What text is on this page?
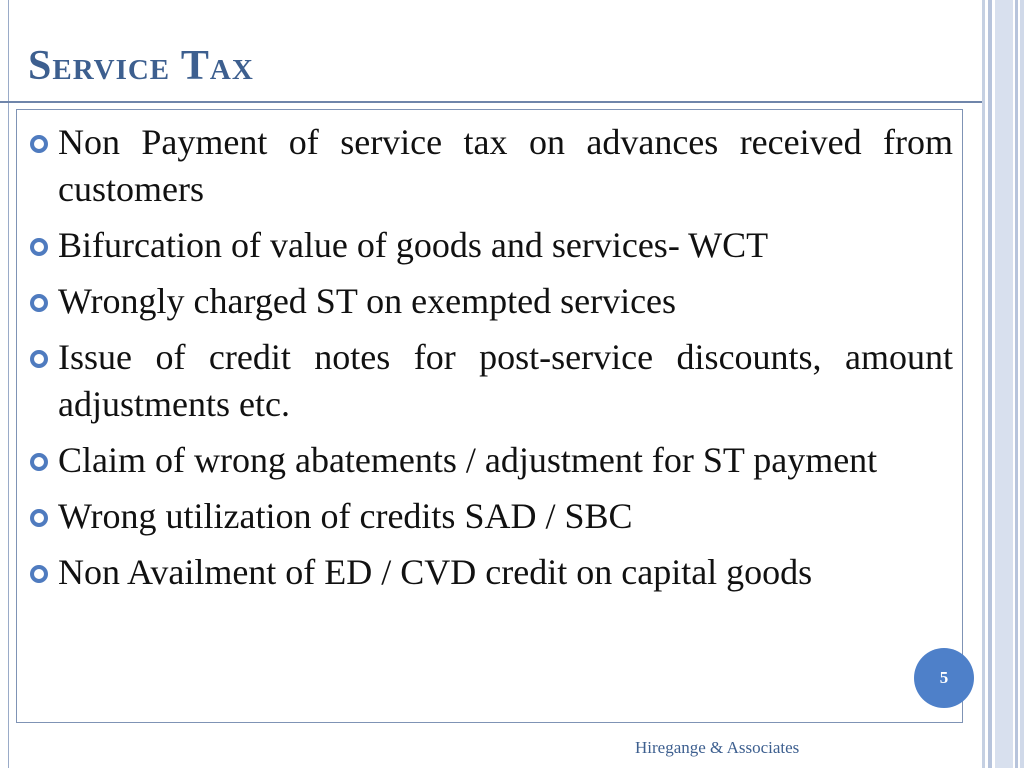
Service Tax
Non Payment of service tax on advances received from customers
Bifurcation of value of goods and services- WCT
Wrongly charged ST on exempted services
Issue of credit notes for post-service discounts, amount adjustments etc.
Claim of wrong abatements / adjustment for ST payment
Wrong utilization of credits SAD / SBC
Non Availment of ED / CVD credit on capital goods
5
Hiregange & Associates
